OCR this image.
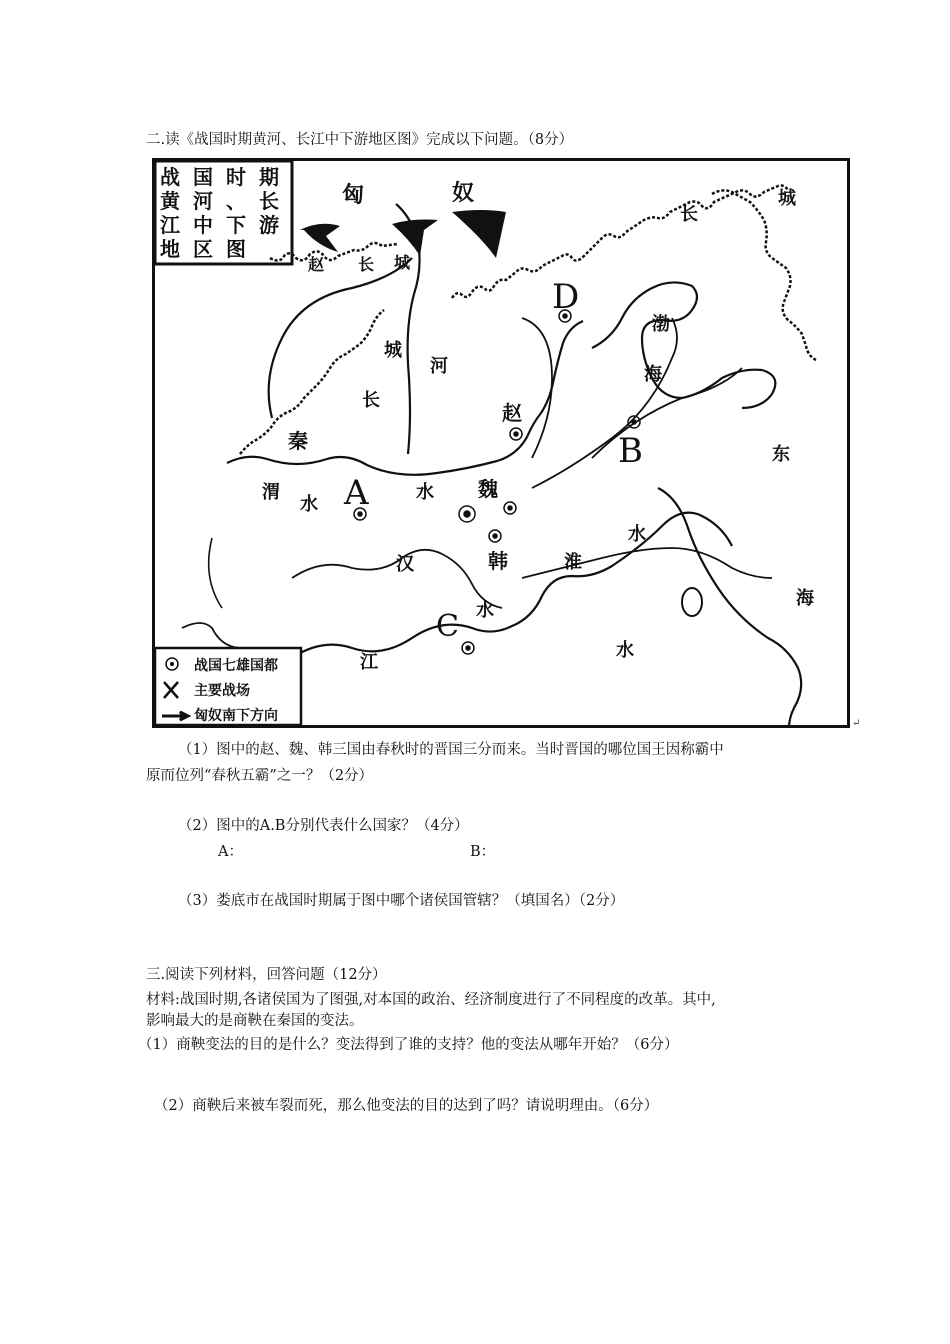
二.读《战国时期黄河、长江中下游地区图》完成以下问题。（8分）
战 国 时 期
黄 河 、 长
江 中 下 游
地 区 图
D
B
A
C
匈	奴
赵
魏
韩
秦
渤
海
东
海
渭
水
河
水
汉
水
淮
水
江
水
长
城
城
长
赵 长 城
战国七雄国都
主要战场
匈奴南下方向	↵
（1）图中的赵、魏、韩三国由春秋时的晋国三分而来。当时晋国的哪位国王因称霸中
原而位列“春秋五霸”之一？（2分）
（2）图中的A.B分别代表什么国家？（4分）
A：	B：
（3）娄底市在战国时期属于图中哪个诸侯国管辖？（填国名）（2分）
三.阅读下列材料，回答问题（12分）
材料:战国时期,各诸侯国为了图强,对本国的政治、经济制度进行了不同程度的改革。其中,
影响最大的是商鞅在秦国的变法。
（1）商鞅变法的目的是什么？变法得到了谁的支持？他的变法从哪年开始？（6分）
（2）商鞅后来被车裂而死，那么他变法的目的达到了吗？请说明理由。（6分）
